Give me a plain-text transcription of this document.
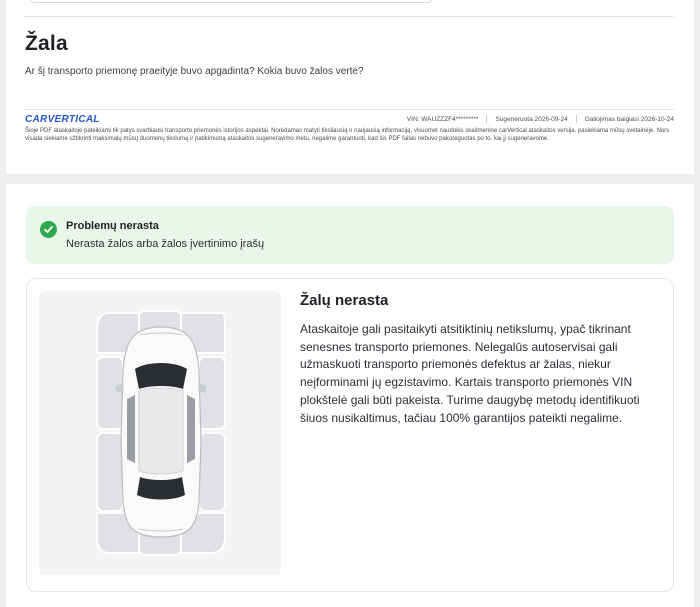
Žala
Ar šį transporto priemonę praeityje buvo apgadinta? Kokia buvo žalos vertė?
CARVERTICAL	VIN: WAUZZZF4*********	Sugeneruota 2026-09-24	Galiojimas baigiasi 2026-10-24
Šioje PDF ataskaitoje pateikiami tik patys svarbiausi transporto priemonės istorijos aspektai. Norėdamas matyti tiksliausią ir naujausią informaciją, visuomet naudokis skaitmenine carVertical ataskaitos versija, pasiekiama mūsų svetainėje. Nors visada siekiame užtikrinti maksimalų mūsų duomenų tikslumą ir patikimumą ataskaitos sugeneravimo metu, negalime garantuoti, kad šis PDF failas nebuvo pakoreguotas po to, kai jį sugeneravome.
Problemų nerasta
Nerasta žalos arba žalos įvertinimo įrašų
Žalų nerasta
Ataskaitoje gali pasitaikyti atsitiktinių netikslumų, ypač tikrinant senesnes transporto priemones. Nelegalūs autoservisai gali užmaskuoti transporto priemonės defektus ar žalas, niekur neįforminami jų egzistavimo. Kartais transporto priemonės VIN plokštelė gali būti pakeista. Turime daugybę metodų identifikuoti šiuos nusikaltimus, tačiau 100% garantijos pateikti negalime.
